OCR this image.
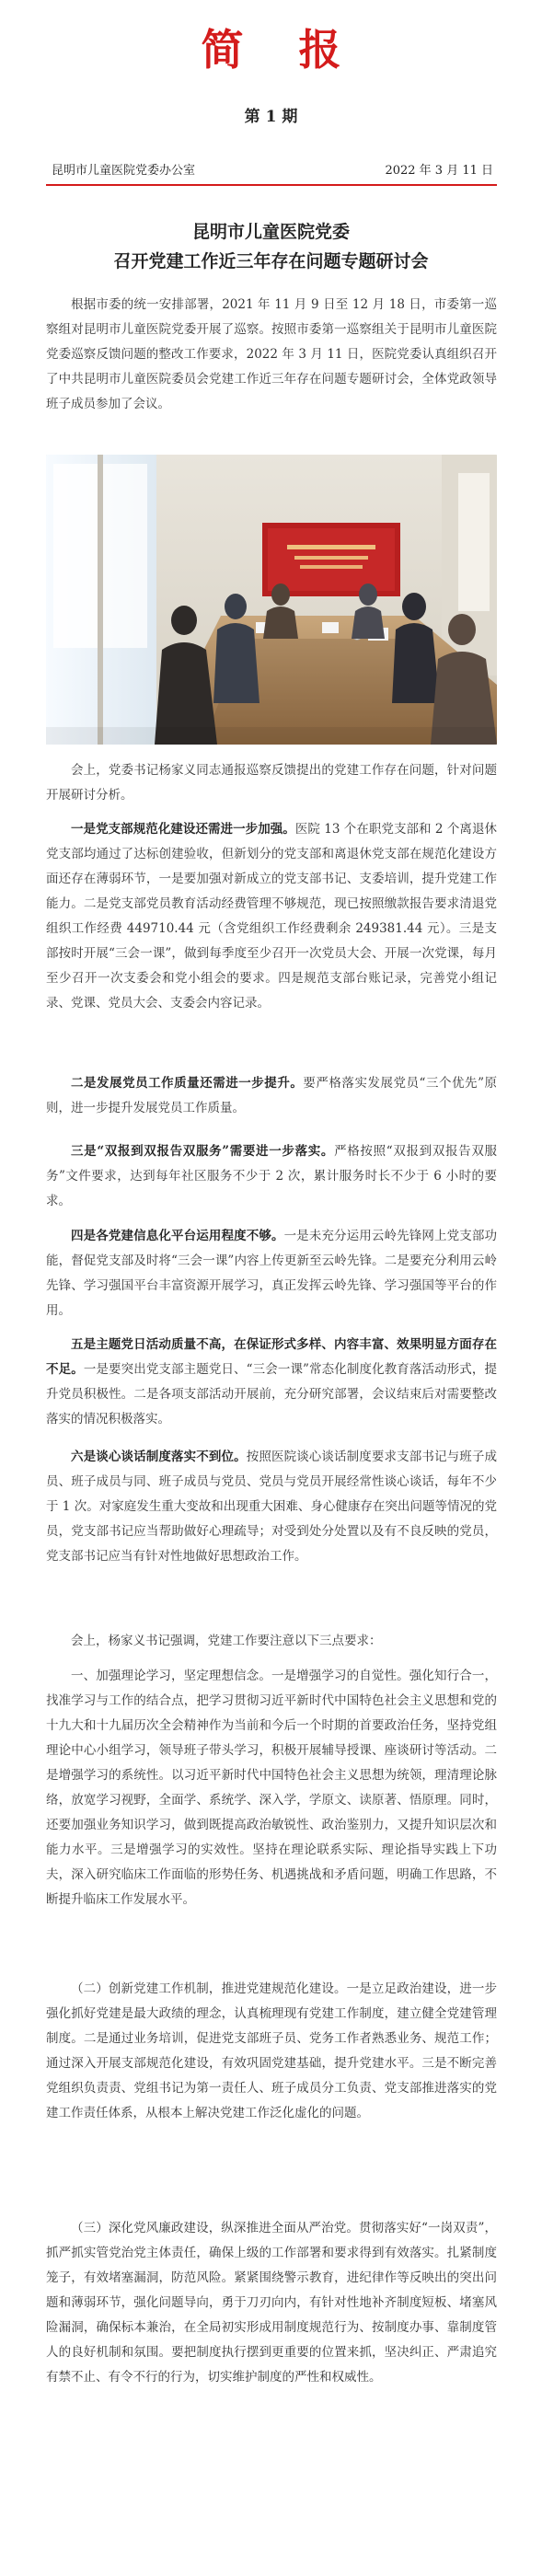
简 报
第 1 期
昆明市儿童医院党委办公室	2022 年 3 月 11 日
昆明市儿童医院党委
召开党建工作近三年存在问题专题研讨会

根据市委的统一安排部署，2021 年 11 月 9 日至 12 月 18 日，市委第一巡察组对昆明市儿童医院党委开展了巡察。按照市委第一巡察组关于昆明市儿童医院党委巡察反馈问题的整改工作要求，2022 年 3 月 11 日，医院党委认真组织召开了中共昆明市儿童医院委员会党建工作近三年存在问题专题研讨会，全体党政领导班子成员参加了会议。

会上，党委书记杨家义同志通报巡察反馈提出的党建工作存在问题，针对问题开展研讨分析。

一是党支部规范化建设还需进一步加强。医院 13 个在职党支部和 2 个离退休党支部均通过了达标创建验收，但新划分的党支部和离退休党支部在规范化建设方面还存在薄弱环节，一是要加强对新成立的党支部书记、支委培训，提升党建工作能力。二是党支部党员教育活动经费管理不够规范，现已按照缴款报告要求清退党组织工作经费 449710.44 元（含党组织工作经费剩余 249381.44 元）。三是支部按时开展“三会一课”，做到每季度至少召开一次党员大会、开展一次党课，每月至少召开一次支委会和党小组会的要求。四是规范支部台账记录，完善党小组记录、党课、党员大会、支委会内容记录。

二是发展党员工作质量还需进一步提升。要严格落实发展党员“三个优先”原则，进一步提升发展党员工作质量。

三是“双报到双报告双服务”需要进一步落实。严格按照“双报到双报告双服务”文件要求，达到每年社区服务不少于 2 次，累计服务时长不少于 6 小时的要求。

四是各党建信息化平台运用程度不够。一是未充分运用云岭先锋网上党支部功能，督促党支部及时将“三会一课”内容上传更新至云岭先锋。二是要充分利用云岭先锋、学习强国平台丰富资源开展学习，真正发挥云岭先锋、学习强国等平台的作用。

五是主题党日活动质量不高，在保证形式多样、内容丰富、效果明显方面存在不足。一是要突出党支部主题党日、“三会一课”常态化制度化教育落活动形式，提升党员积极性。二是各项支部活动开展前，充分研究部署，会议结束后对需要整改落实的情况积极落实。

六是谈心谈话制度落实不到位。按照医院谈心谈话制度要求支部书记与班子成员、班子成员与同、班子成员与党员、党员与党员开展经常性谈心谈话，每年不少于 1 次。对家庭发生重大变故和出现重大困难、身心健康存在突出问题等情况的党员，党支部书记应当帮助做好心理疏导；对受到处分处置以及有不良反映的党员，党支部书记应当有针对性地做好思想政治工作。

会上，杨家义书记强调，党建工作要注意以下三点要求：

一、加强理论学习，坚定理想信念。一是增强学习的自觉性。强化知行合一，找准学习与工作的结合点，把学习贯彻习近平新时代中国特色社会主义思想和党的十九大和十九届历次全会精神作为当前和今后一个时期的首要政治任务，坚持党组理论中心小组学习，领导班子带头学习，积极开展辅导授课、座谈研讨等活动。二是增强学习的系统性。以习近平新时代中国特色社会主义思想为统领，理清理论脉络，放宽学习视野，全面学、系统学、深入学，学原文、读原著、悟原理。同时，还要加强业务知识学习，做到既提高政治敏锐性、政治鉴别力，又提升知识层次和能力水平。三是增强学习的实效性。坚持在理论联系实际、理论指导实践上下功夫，深入研究临床工作面临的形势任务、机遇挑战和矛盾问题，明确工作思路，不断提升临床工作发展水平。

（二）创新党建工作机制，推进党建规范化建设。一是立足政治建设，进一步强化抓好党建是最大政绩的理念，认真梳理现有党建工作制度，建立健全党建管理制度。二是通过业务培训，促进党支部班子员、党务工作者熟悉业务、规范工作；通过深入开展支部规范化建设，有效巩固党建基础，提升党建水平。三是不断完善党组织负责责、党组书记为第一责任人、班子成员分工负责、党支部推进落实的党建工作责任体系，从根本上解决党建工作泛化虚化的问题。

（三）深化党风廉政建设，纵深推进全面从严治党。贯彻落实好“一岗双责”，抓严抓实管党治党主体责任，确保上级的工作部署和要求得到有效落实。扎紧制度笼子，有效堵塞漏洞，防范风险。紧紧围绕警示教育，进纪律作等反映出的突出问题和薄弱环节，强化问题导向，勇于刀刃向内，有针对性地补齐制度短板、堵塞风险漏洞，确保标本兼治，在全局初实形成用制度规范行为、按制度办事、靠制度管人的良好机制和氛围。要把制度执行摆到更重要的位置来抓，坚决纠正、严肃追究有禁不止、有令不行的行为，切实维护制度的严性和权威性。
